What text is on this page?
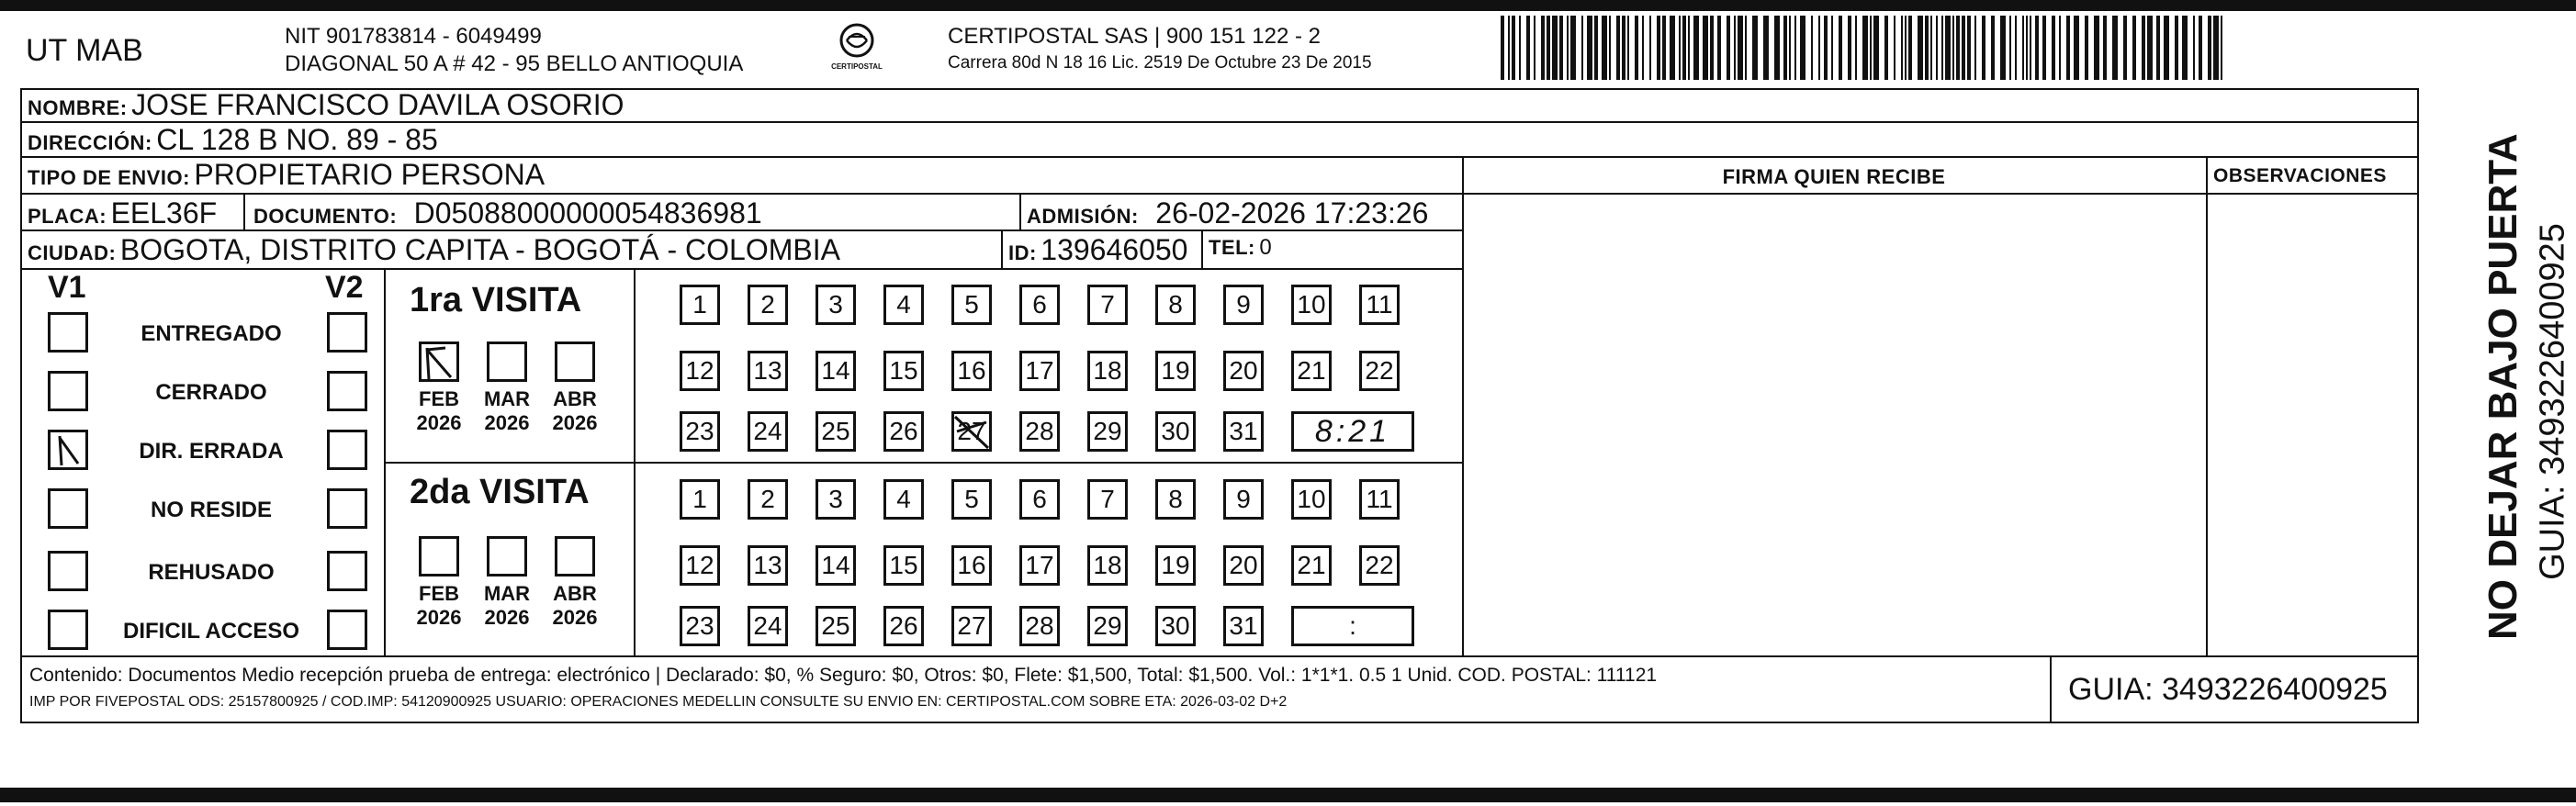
UT MAB	NIT 901783814 - 6049499
DIAGONAL 50 A # 42 - 95 BELLO ANTIOQUIA	CERTIPOSTAL
CERTIPOSTAL SAS | 900 151 122 - 2
Carrera 80d N 18 16 Lic. 2519 De Octubre 23 De 2015
NOMBRE: JOSE FRANCISCO DAVILA OSORIO
DIRECCIÓN: CL 128 B NO. 89 - 85
TIPO DE ENVIO: PROPIETARIO PERSONA
PLACA: EEL36F DOCUMENTO: D05088000000054836981	ADMISIÓN: 26-02-2026 17:23:26
CIUDAD: BOGOTA, DISTRITO CAPITA - BOGOTÁ - COLOMBIA	ID: 139646050 TEL: 0
FIRMA QUIEN RECIBE	OBSERVACIONES
V1	V2
ENTREGADO
CERRADO
DIR. ERRADA
NO RESIDE
REHUSADO
DIFICIL ACCESO
1ra VISITA
FEB
2026
MAR
2026
ABR
2026
1	2	3	4	5	6	7	8	9	10 11
12 13 14 15 16 17 18 19 20 21 22
23 24 25 26 27 28 29 30 31	8:21
2da VISITA
FEB
2026
MAR
2026
ABR
2026
1	2	3	4	5	6	7	8	9	10 11
12 13 14 15 16 17 18 19 20 21 22
23 24 25 26 27 28 29 30 31	:
Contenido: Documentos Medio recepción prueba de entrega: electrónico | Declarado: $0, % Seguro: $0, Otros: $0, Flete: $1,500, Total: $1,500. Vol.: 1*1*1. 0.5 1 Unid. COD. POSTAL: 111121
IMP POR FIVEPOSTAL ODS: 25157800925 / COD.IMP: 54120900925 USUARIO: OPERACIONES MEDELLIN CONSULTE SU ENVIO EN: CERTIPOSTAL.COM SOBRE ETA: 2026-03-02 D+2	GUIA: 3493226400925
NO DEJAR BAJO PUERTA GUIA: 3493226400925
